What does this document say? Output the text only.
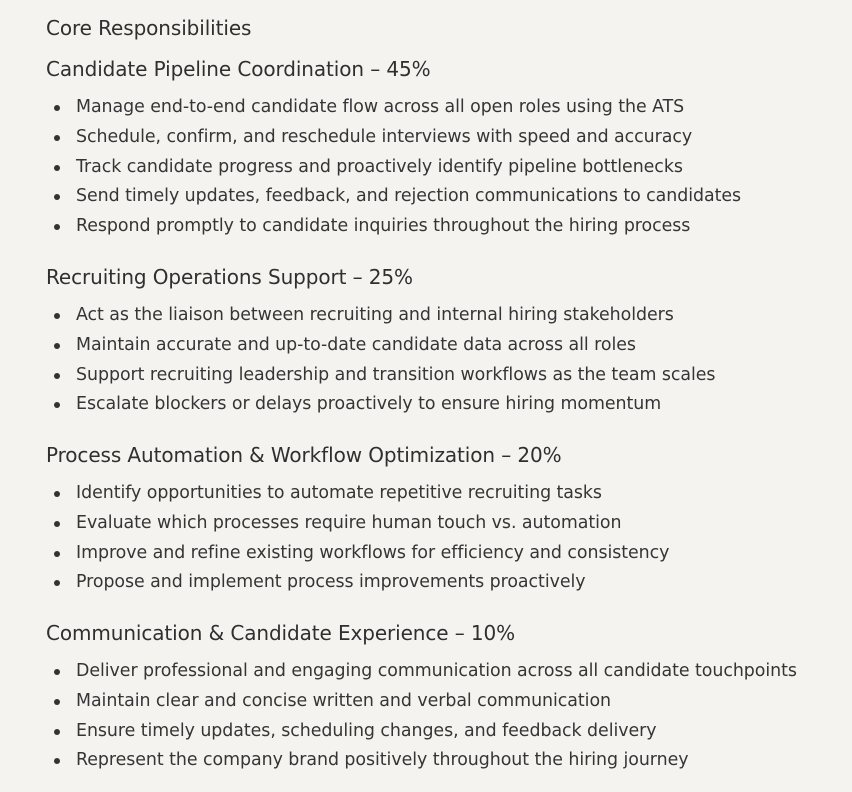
Core Responsibilities
Candidate Pipeline Coordination – 45%
Manage end-to-end candidate flow across all open roles using the ATS
Schedule, confirm, and reschedule interviews with speed and accuracy
Track candidate progress and proactively identify pipeline bottlenecks
Send timely updates, feedback, and rejection communications to candidates
Respond promptly to candidate inquiries throughout the hiring process
Recruiting Operations Support – 25%
Act as the liaison between recruiting and internal hiring stakeholders
Maintain accurate and up-to-date candidate data across all roles
Support recruiting leadership and transition workflows as the team scales
Escalate blockers or delays proactively to ensure hiring momentum
Process Automation & Workflow Optimization – 20%
Identify opportunities to automate repetitive recruiting tasks
Evaluate which processes require human touch vs. automation
Improve and refine existing workflows for efficiency and consistency
Propose and implement process improvements proactively
Communication & Candidate Experience – 10%
Deliver professional and engaging communication across all candidate touchpoints
Maintain clear and concise written and verbal communication
Ensure timely updates, scheduling changes, and feedback delivery
Represent the company brand positively throughout the hiring journey
